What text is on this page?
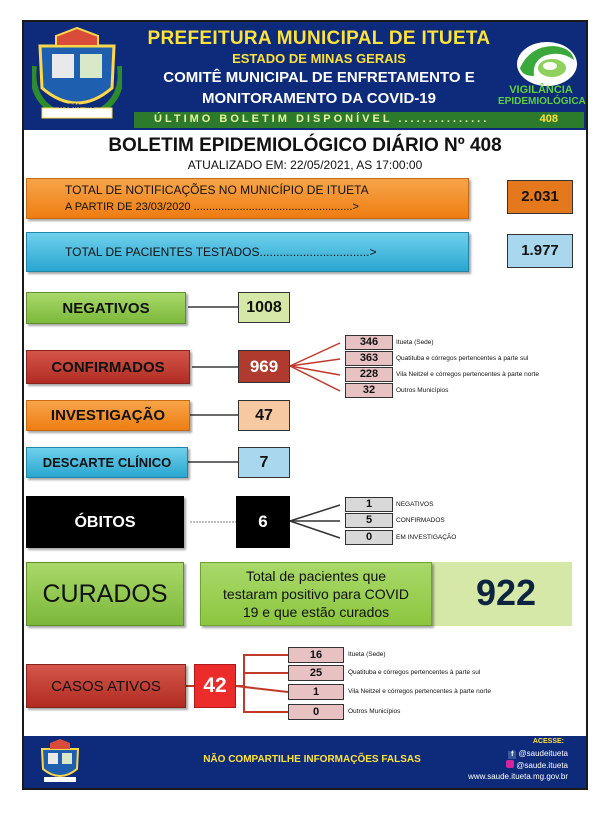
ITUETA - MG
PREFEITURA MUNICIPAL DE ITUETA
ESTADO DE MINAS GERAIS
COMITÊ MUNICIPAL DE ENFRETAMENTO E
MONITORAMENTO DA COVID-19	VIGILÂNCIA
EPIDEMIOLÓGICA
ÚLTIMO BOLETIM DISPONÍVEL ...............	408
BOLETIM EPIDEMIOLÓGICO DIÁRIO Nº 408
ATUALIZADO EM: 22/05/2021, AS 17:00:00
TOTAL DE NOTIFICAÇÕES NO MUNICÍPIO DE ITUETA
A PARTIR DE 23/03/2020 ....................................................>
2.031
TOTAL DE PACIENTES TESTADOS.................................>	1.977
NEGATIVOS	1008
CONFIRMADOS	969
346	Itueta (Sede)
363	Quatituba e córregos pertencentes à parte sul
228	Vila Neitzel e córregos pertencentes à parte norte
32	Outros Municípios
INVESTIGAÇÃO	47
DESCARTE CLÍNICO	7
ÓBITOS	6
1	NEGATIVOS
5	CONFIRMADOS
0	EM INVESTIGAÇÃO
CURADOS
Total de pacientes que
testaram positivo para COVID
19 e que estão curados	922
CASOS ATIVOS	42
16	Itueta (Sede)
25	Quatituba e córregos pertencentes à parte sul
1	Vila Neitzel e córregos pertencentes à parte norte
0	Outros Municípios
NÃO COMPARTILHE INFORMAÇÕES FALSAS
ACESSE:
f @saudeitueta
@saude.itueta
www.saude.itueta.mg.gov.br
